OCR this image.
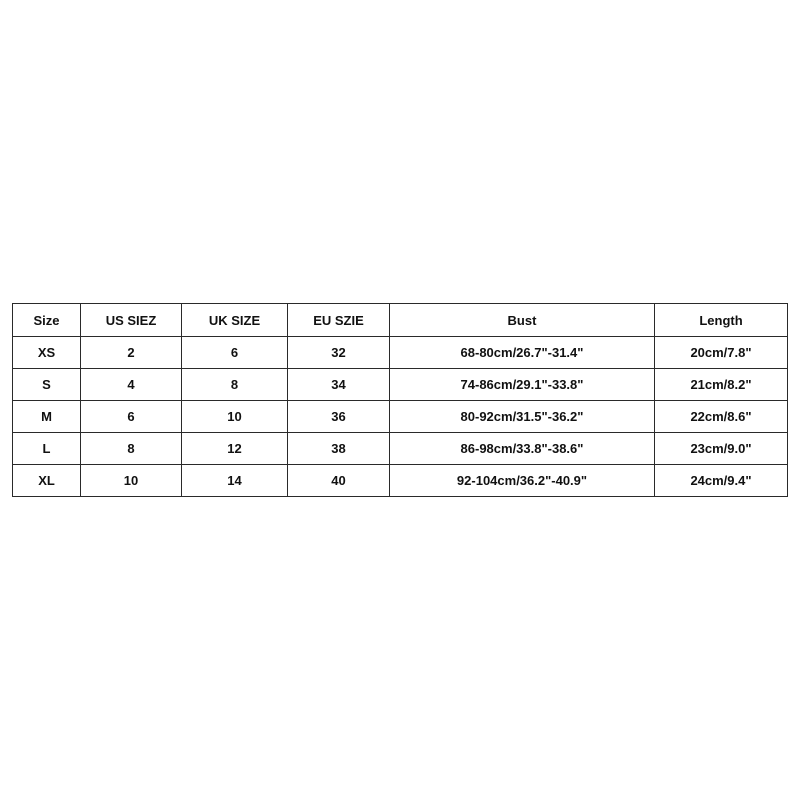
Size	US SIEZ	UK SIZE	EU SZIE	Bust	Length
XS	2	6	32	68-80cm/26.7"-31.4"	20cm/7.8"
S	4	8	34	74-86cm/29.1"-33.8"	21cm/8.2"
M	6	10	36	80-92cm/31.5"-36.2"	22cm/8.6"
L	8	12	38	86-98cm/33.8"-38.6"	23cm/9.0"
XL	10	14	40	92-104cm/36.2"-40.9"	24cm/9.4"
